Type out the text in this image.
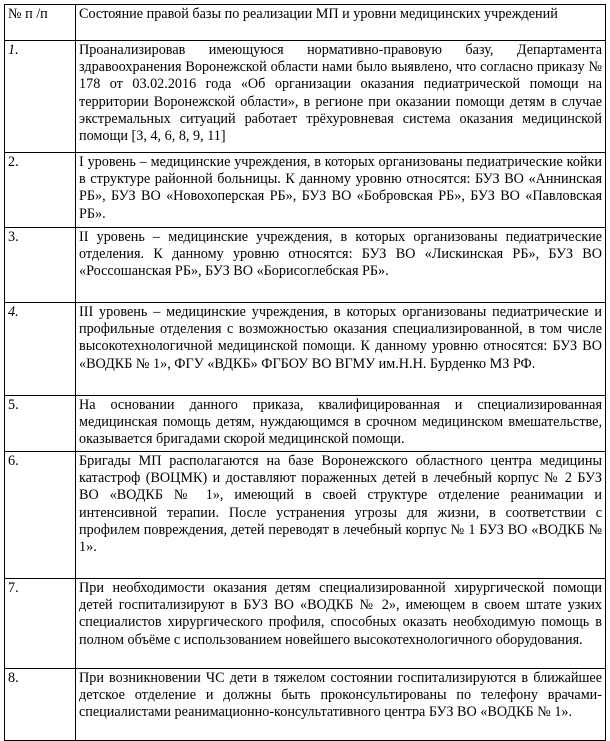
№ п /п	Состояние правой базы по реализации МП и уровни медицинских учреждений
1.	Проанализировав имеющуюся нормативно-правовую базу, Департамента здравоохранения Воронежской области нами было выявлено, что согласно приказу № 178 от 03.02.2016 года «Об организации оказания педиатрической помощи на территории Воронежской области», в регионе при оказании помощи детям в случае экстремальных ситуаций работает трёхуровневая система оказания медицинской помощи [3, 4, 6, 8, 9, 11]
2.	I уровень – медицинские учреждения, в которых организованы педиатрические койки в структуре районной больницы. К данному уровню относятся: БУЗ ВО «Аннинская РБ», БУЗ ВО «Новохоперская РБ», БУЗ ВО «Бобровская РБ», БУЗ ВО «Павловская РБ».
3.	II уровень – медицинские учреждения, в которых организованы педиатрические отделения. К данному уровню относятся: БУЗ ВО «Лискинская РБ», БУЗ ВО «Россошанская РБ», БУЗ ВО «Борисоглебская РБ».
4.	III уровень – медицинские учреждения, в которых организованы педиатрические и профильные отделения с возможностью оказания специализированной, в том числе высокотехнологичной медицинской помощи. К данному уровню относятся: БУЗ ВО «ВОДКБ № 1», ФГУ «ВДКБ» ФГБОУ ВО ВГМУ им.Н.Н. Бурденко МЗ РФ.
5.	На основании данного приказа, квалифицированная и специализированная медицинская помощь детям, нуждающимся в срочном медицинском вмешательстве, оказывается бригадами скорой медицинской помощи.
6.	Бригады МП располагаются на базе Воронежского областного центра медицины катастроф (ВОЦМК) и доставляют пораженных детей в лечебный корпус № 2 БУЗ ВО «ВОДКБ № 1», имеющий в своей структуре отделение реанимации и интенсивной терапии. После устранения угрозы для жизни, в соответствии с профилем повреждения, детей переводят в лечебный корпус № 1 БУЗ ВО «ВОДКБ № 1».
7.	При необходимости оказания детям специализированной хирургической помощи детей госпитализируют в БУЗ ВО «ВОДКБ № 2», имеющем в своем штате узких специалистов хирургического профиля, способных оказать необходимую помощь в полном объёме с использованием новейшего высокотехнологичного оборудования.
8.	При возникновении ЧС дети в тяжелом состоянии госпитализируются в ближайшее детское отделение и должны быть проконсультированы по телефону врачами-специалистами реанимационно-консультативного центра БУЗ ВО «ВОДКБ № 1».
